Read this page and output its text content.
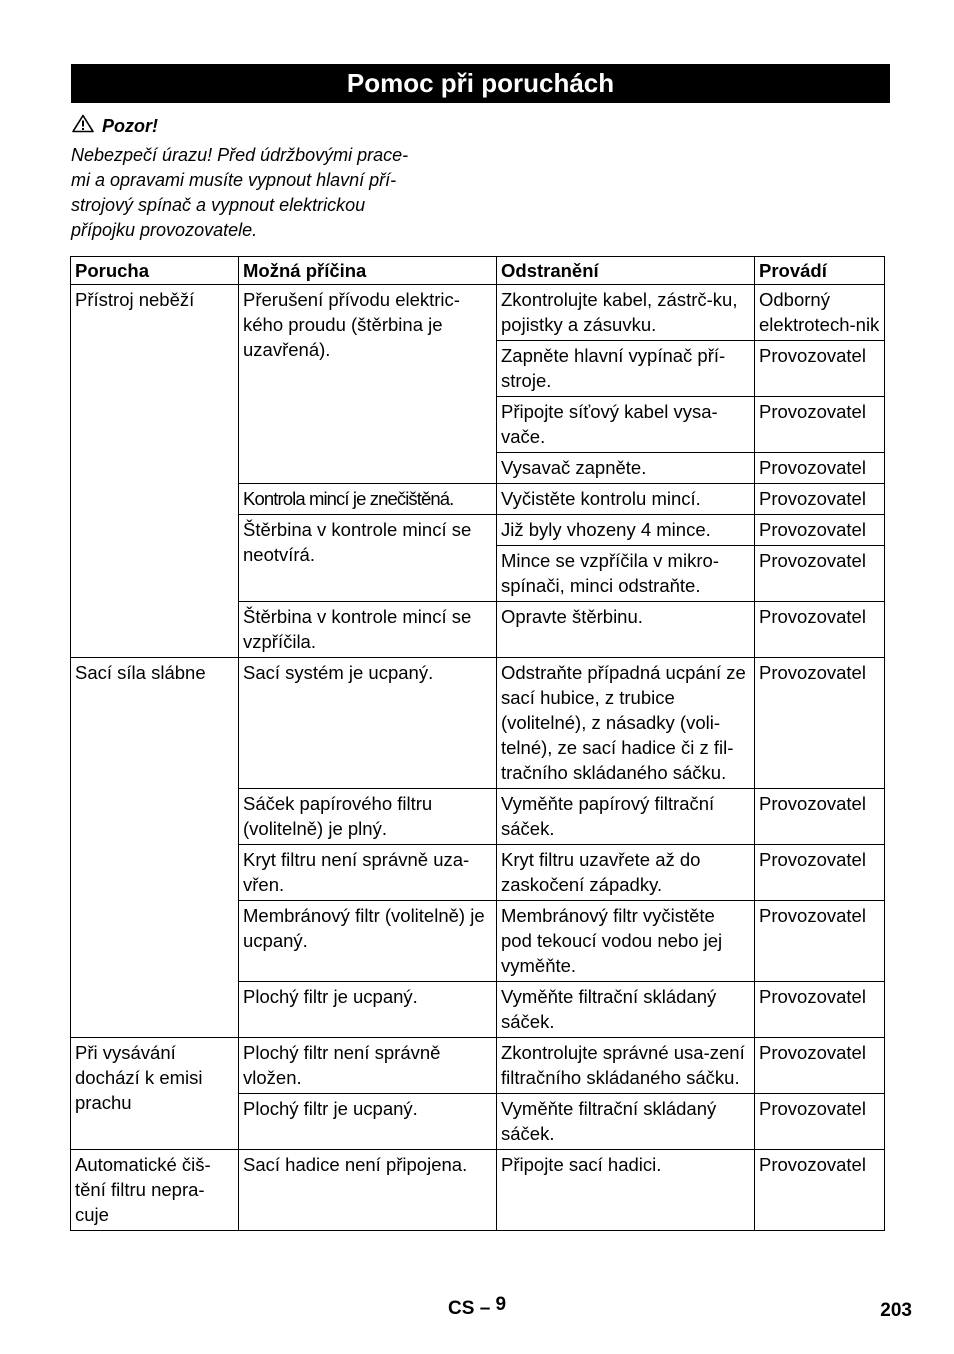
Pomoc při poruchách
Pozor!
Nebezpečí úrazu! Před údržbovými prace-
mi a opravami musíte vypnout hlavní pří-
strojový spínač a vypnout elektrickou
přípojku provozovatele.
Porucha	Možná příčina	Odstranění	Provádí
Přístroj neběží	Přerušení přívodu elektric-kého proudu (štěrbina je uzavřená).	Zkontrolujte kabel, zástrč-ku, pojistky a zásuvku.	Odborný elektrotech-nik
		Zapněte hlavní vypínač pří-stroje.	Provozovatel
		Připojte síťový kabel vysa-vače.	Provozovatel
		Vysavač zapněte.	Provozovatel
	Kontrola mincí je znečištěná.	Vyčistěte kontrolu mincí.	Provozovatel
	Štěrbina v kontrole mincí se neotvírá.	Již byly vhozeny 4 mince.	Provozovatel
		Mince se vzpříčila v mikro-spínači, minci odstraňte.	Provozovatel
	Štěrbina v kontrole mincí se vzpříčila.	Opravte štěrbinu.	Provozovatel
Sací síla slábne	Sací systém je ucpaný.	Odstraňte případná ucpání ze sací hubice, z trubice (volitelné), z násadky (voli-telné), ze sací hadice či z fil-tračního skládaného sáčku.	Provozovatel
	Sáček papírového filtru (volitelně) je plný.	Vyměňte papírový filtrační sáček.	Provozovatel
	Kryt filtru není správně uza-vřen.	Kryt filtru uzavřete až do zaskočení západky.	Provozovatel
	Membránový filtr (volitelně) je ucpaný.	Membránový filtr vyčistěte pod tekoucí vodou nebo jej vyměňte.	Provozovatel
	Plochý filtr je ucpaný.	Vyměňte filtrační skládaný sáček.	Provozovatel
Při vysávání dochází k emisi prachu	Plochý filtr není správně vložen.	Zkontrolujte správné usa-zení filtračního skládaného sáčku.	Provozovatel
	Plochý filtr je ucpaný.	Vyměňte filtrační skládaný sáček.	Provozovatel
Automatické čiš-tění filtru nepra-cuje	Sací hadice není připojena.	Připojte sací hadici.	Provozovatel
CS – 9	203
